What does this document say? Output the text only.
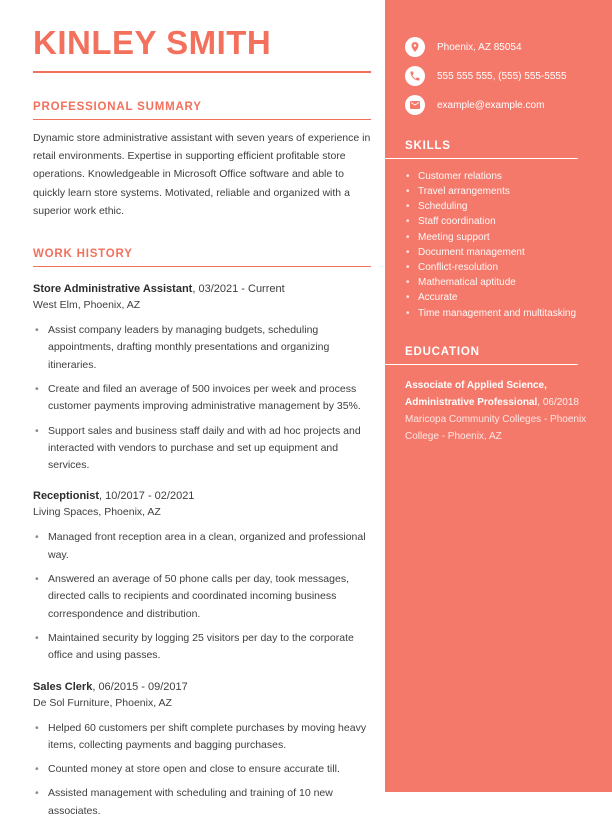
KINLEY SMITH
PROFESSIONAL SUMMARY
Dynamic store administrative assistant with seven years of experience in retail environments. Expertise in supporting efficient profitable store operations. Knowledgeable in Microsoft Office software and able to quickly learn store systems. Motivated, reliable and organized with a superior work ethic.
WORK HISTORY
Store Administrative Assistant, 03/2021 - Current
West Elm, Phoenix, AZ
• Assist company leaders by managing budgets, scheduling appointments, drafting monthly presentations and organizing itineraries.
• Create and filed an average of 500 invoices per week and process customer payments improving administrative management by 35%.
• Support sales and business staff daily and with ad hoc projects and interacted with vendors to purchase and set up equipment and services.
Receptionist, 10/2017 - 02/2021
Living Spaces, Phoenix, AZ
• Managed front reception area in a clean, organized and professional way.
• Answered an average of 50 phone calls per day, took messages, directed calls to recipients and coordinated incoming business correspondence and distribution.
• Maintained security by logging 25 visitors per day to the corporate office and using passes.
Sales Clerk, 06/2015 - 09/2017
De Sol Furniture, Phoenix, AZ
• Helped 60 customers per shift complete purchases by moving heavy items, collecting payments and bagging purchases.
• Counted money at store open and close to ensure accurate till.
• Assisted management with scheduling and training of 10 new associates.
Phoenix, AZ 85054
555 555 555, (555) 555-5555
example@example.com
SKILLS
• Customer relations
• Travel arrangements
• Scheduling
• Staff coordination
• Meeting support
• Document management
• Conflict-resolution
• Mathematical aptitude
• Accurate
• Time management and multitasking
EDUCATION
Associate of Applied Science, Administrative Professional, 06/2018
Maricopa Community Colleges - Phoenix College - Phoenix, AZ
